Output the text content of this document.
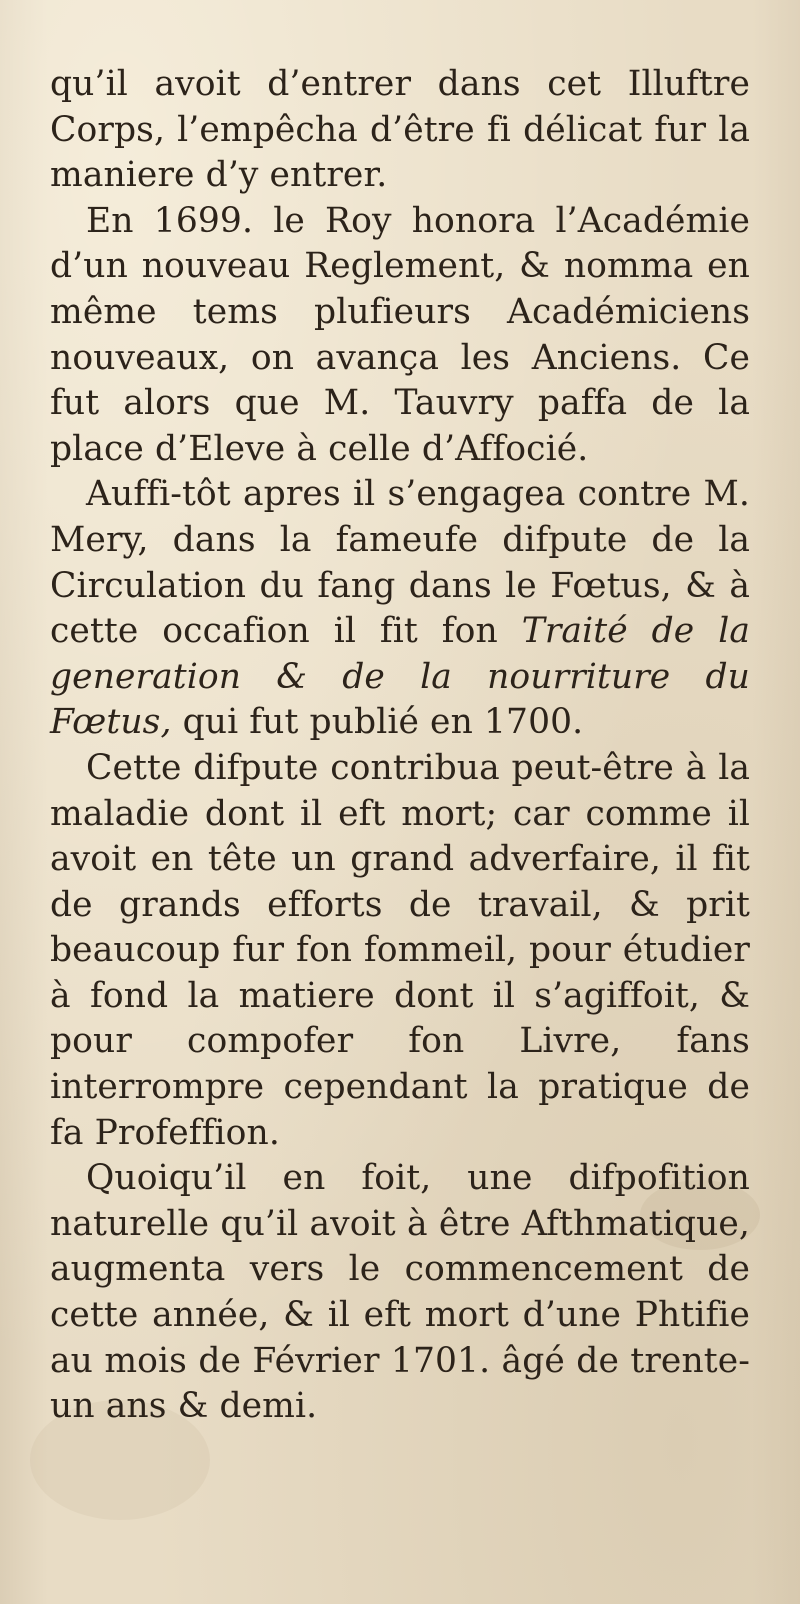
qu’il avoit d’entrer dans cet Illuftre Corps, l’empêcha d’être fi délicat fur la maniere d’y entrer.

En 1699. le Roy honora l’Académie d’un nouveau Reglement, & nomma en même tems plufieurs Académiciens nouveaux, on avança les Anciens. Ce fut alors que M. Tauvry paffa de la place d’Eleve à celle d’Affocié.

Auffi-tôt apres il s’engagea contre M. Mery, dans la fameufe difpute de la Circulation du fang dans le Fœtus, & à cette occafion il fit fon Traité de la generation & de la nourriture du Fœtus, qui fut publié en 1700.

Cette difpute contribua peut-être à la maladie dont il eft mort; car comme il avoit en tête un grand adverfaire, il fit de grands efforts de travail, & prit beaucoup fur fon fommeil, pour étudier à fond la matiere dont il s’agiffoit, & pour compofer fon Livre, fans interrompre cependant la pratique de fa Profeffion.

Quoiqu’il en foit, une difpofition naturelle qu’il avoit à être Afthmatique, augmenta vers le commencement de cette année, & il eft mort d’une Phtifie au mois de Février 1701. âgé de trente-un ans & demi.
